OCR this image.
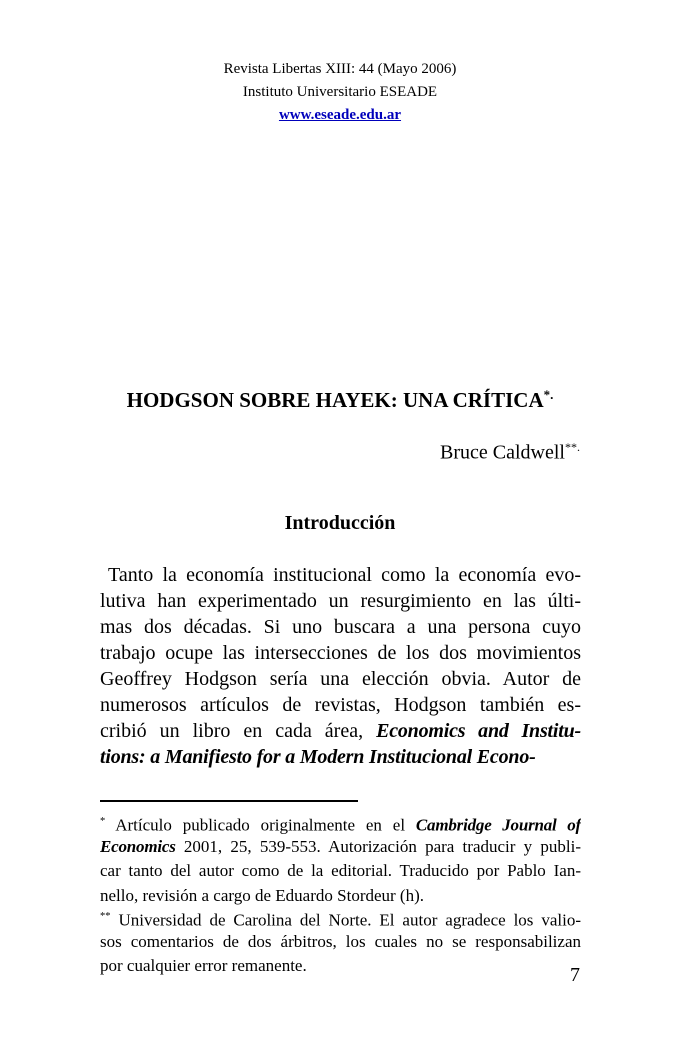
Revista Libertas XIII: 44 (Mayo 2006)
Instituto Universitario ESEADE
www.eseade.edu.ar
HODGSON SOBRE HAYEK: UNA CRÍTICA*.
Bruce Caldwell**.
Introducción
Tanto la economía institucional como la economía evo-
lutiva han experimentado un resurgimiento en las últi-
mas dos décadas. Si uno buscara a una persona cuyo
trabajo ocupe las intersecciones de los dos movimientos
Geoffrey Hodgson sería una elección obvia. Autor de
numerosos artículos de revistas, Hodgson también es-
cribió un libro en cada área, Economics and Institu-
tions: a Manifiesto for a Modern Institucional Econo-
* Artículo publicado originalmente en el Cambridge Journal of
Economics 2001, 25, 539-553. Autorización para traducir y publi-
car tanto del autor como de la editorial. Traducido por Pablo Ian-
nello, revisión a cargo de Eduardo Stordeur (h).
** Universidad de Carolina del Norte. El autor agradece los valio-
sos comentarios de dos árbitros, los cuales no se responsabilizan
por cualquier error remanente.	7
